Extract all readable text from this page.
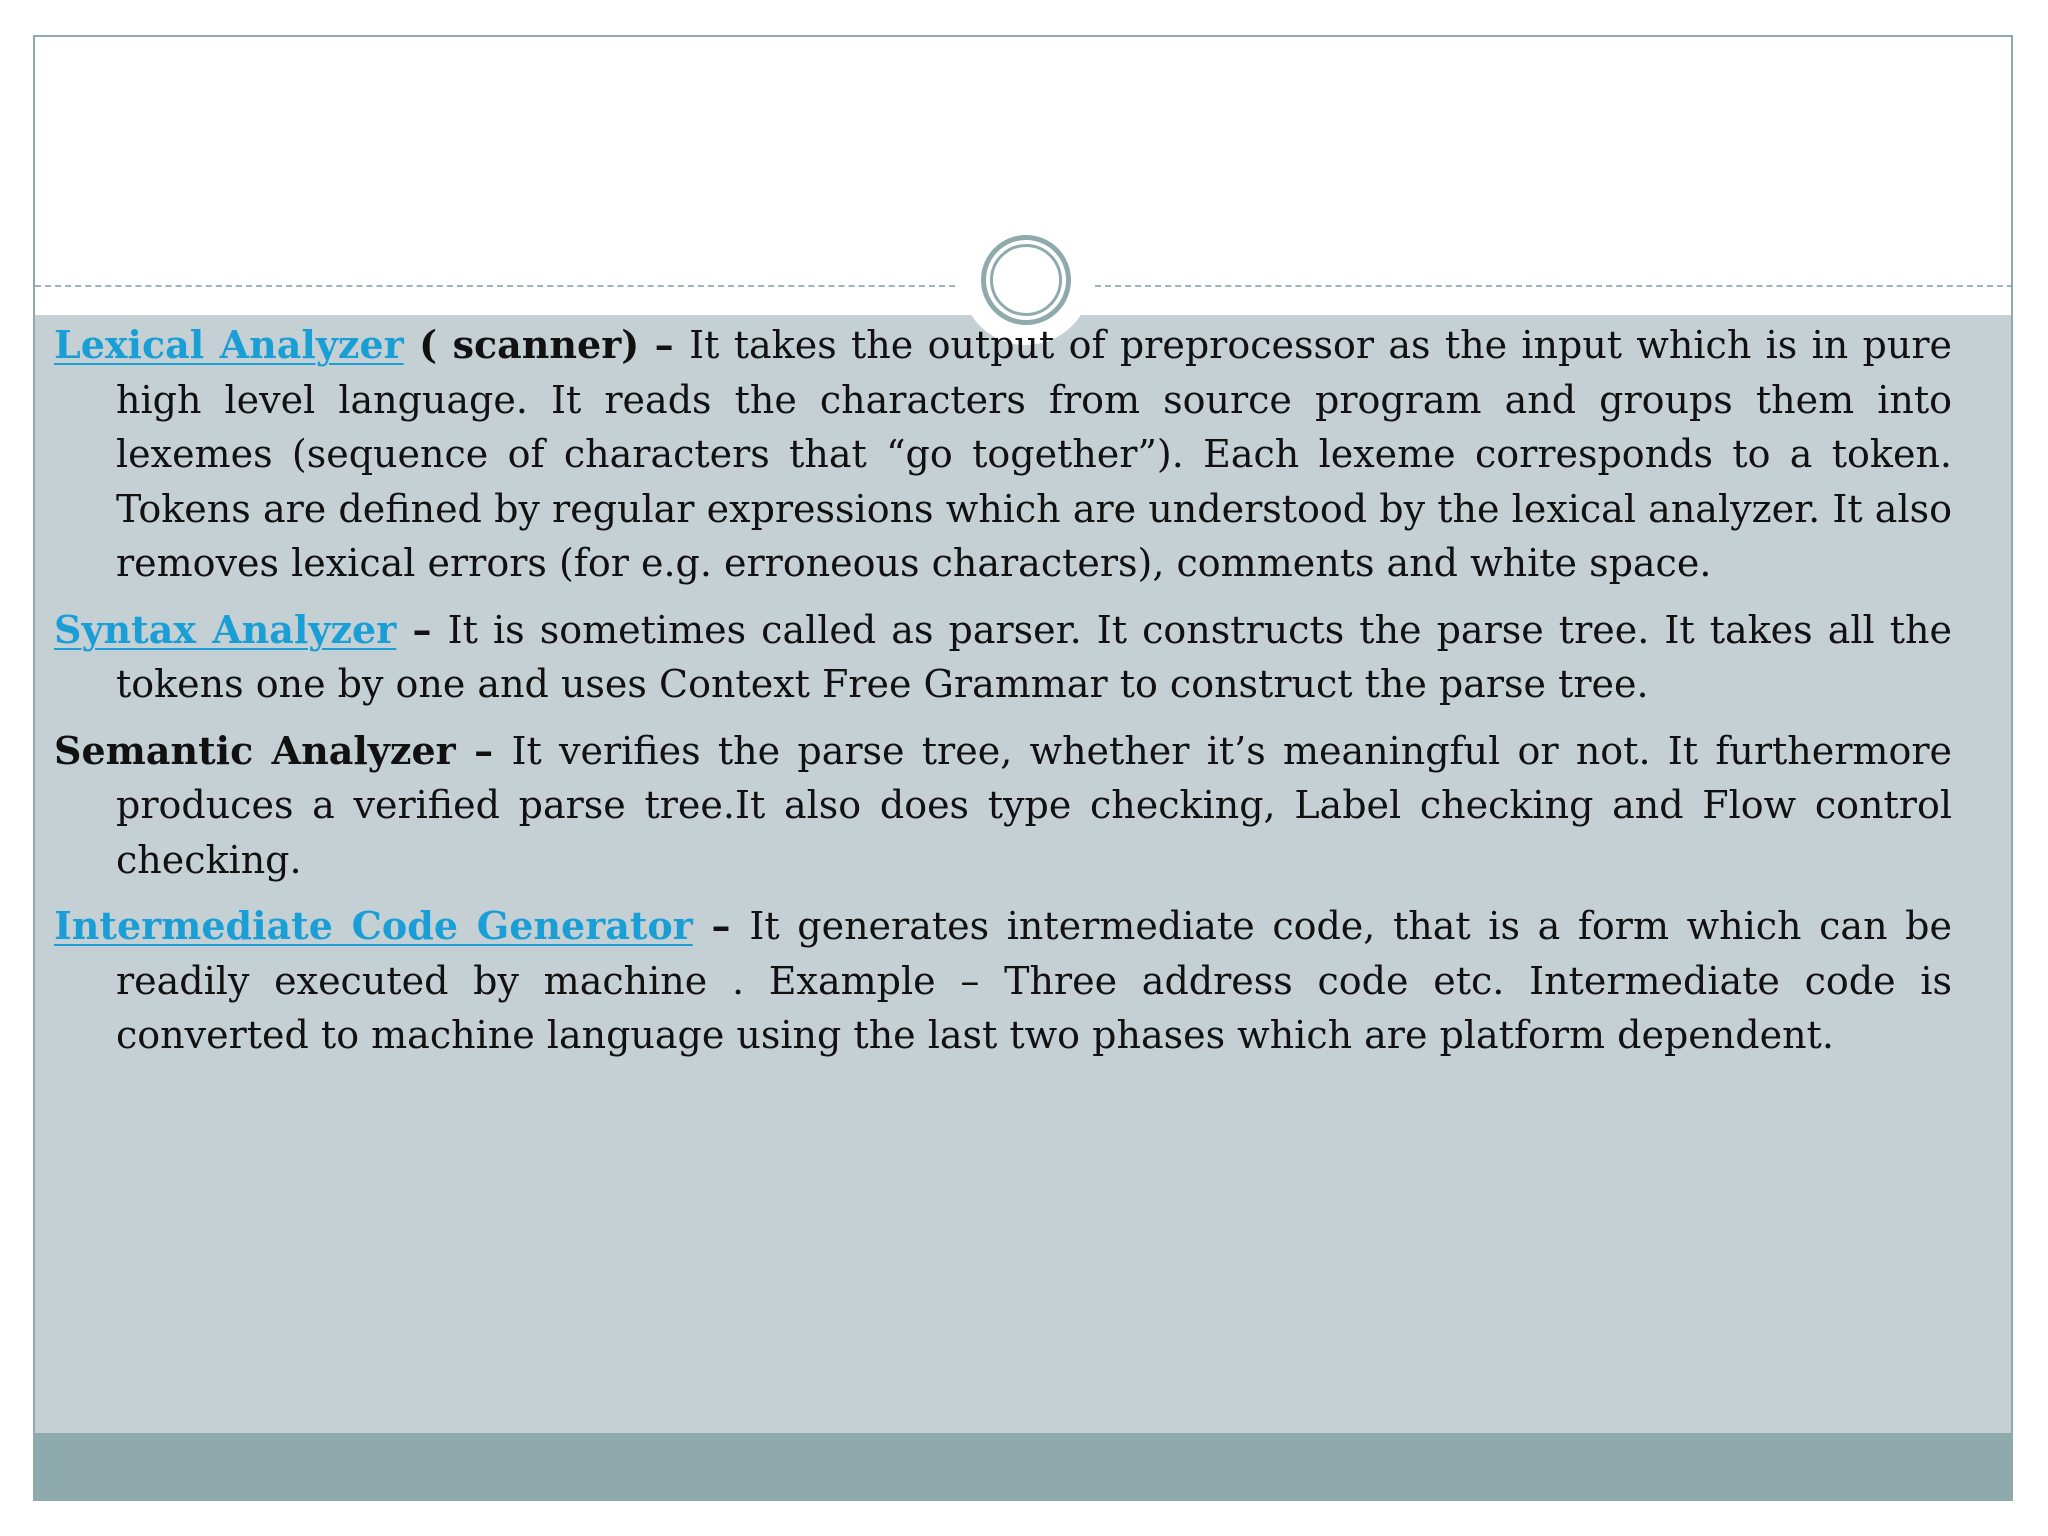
Lexical Analyzer ( scanner) – It takes the output of preprocessor as the input which is in pure high level language. It reads the characters from source program and groups them into lexemes (sequence of characters that “go together”). Each lexeme corresponds to a token. Tokens are defined by regular expressions which are understood by the lexical analyzer. It also removes lexical errors (for e.g. erroneous characters), comments and white space.

Syntax Analyzer – It is sometimes called as parser. It constructs the parse tree. It takes all the tokens one by one and uses Context Free Grammar to construct the parse tree.

Semantic Analyzer – It verifies the parse tree, whether it’s meaningful or not. It furthermore produces a verified parse tree.It also does type checking, Label checking and Flow control checking.

Intermediate Code Generator – It generates intermediate code, that is a form which can be readily executed by machine . Example – Three address code etc. Intermediate code is converted to machine language using the last two phases which are platform dependent.
